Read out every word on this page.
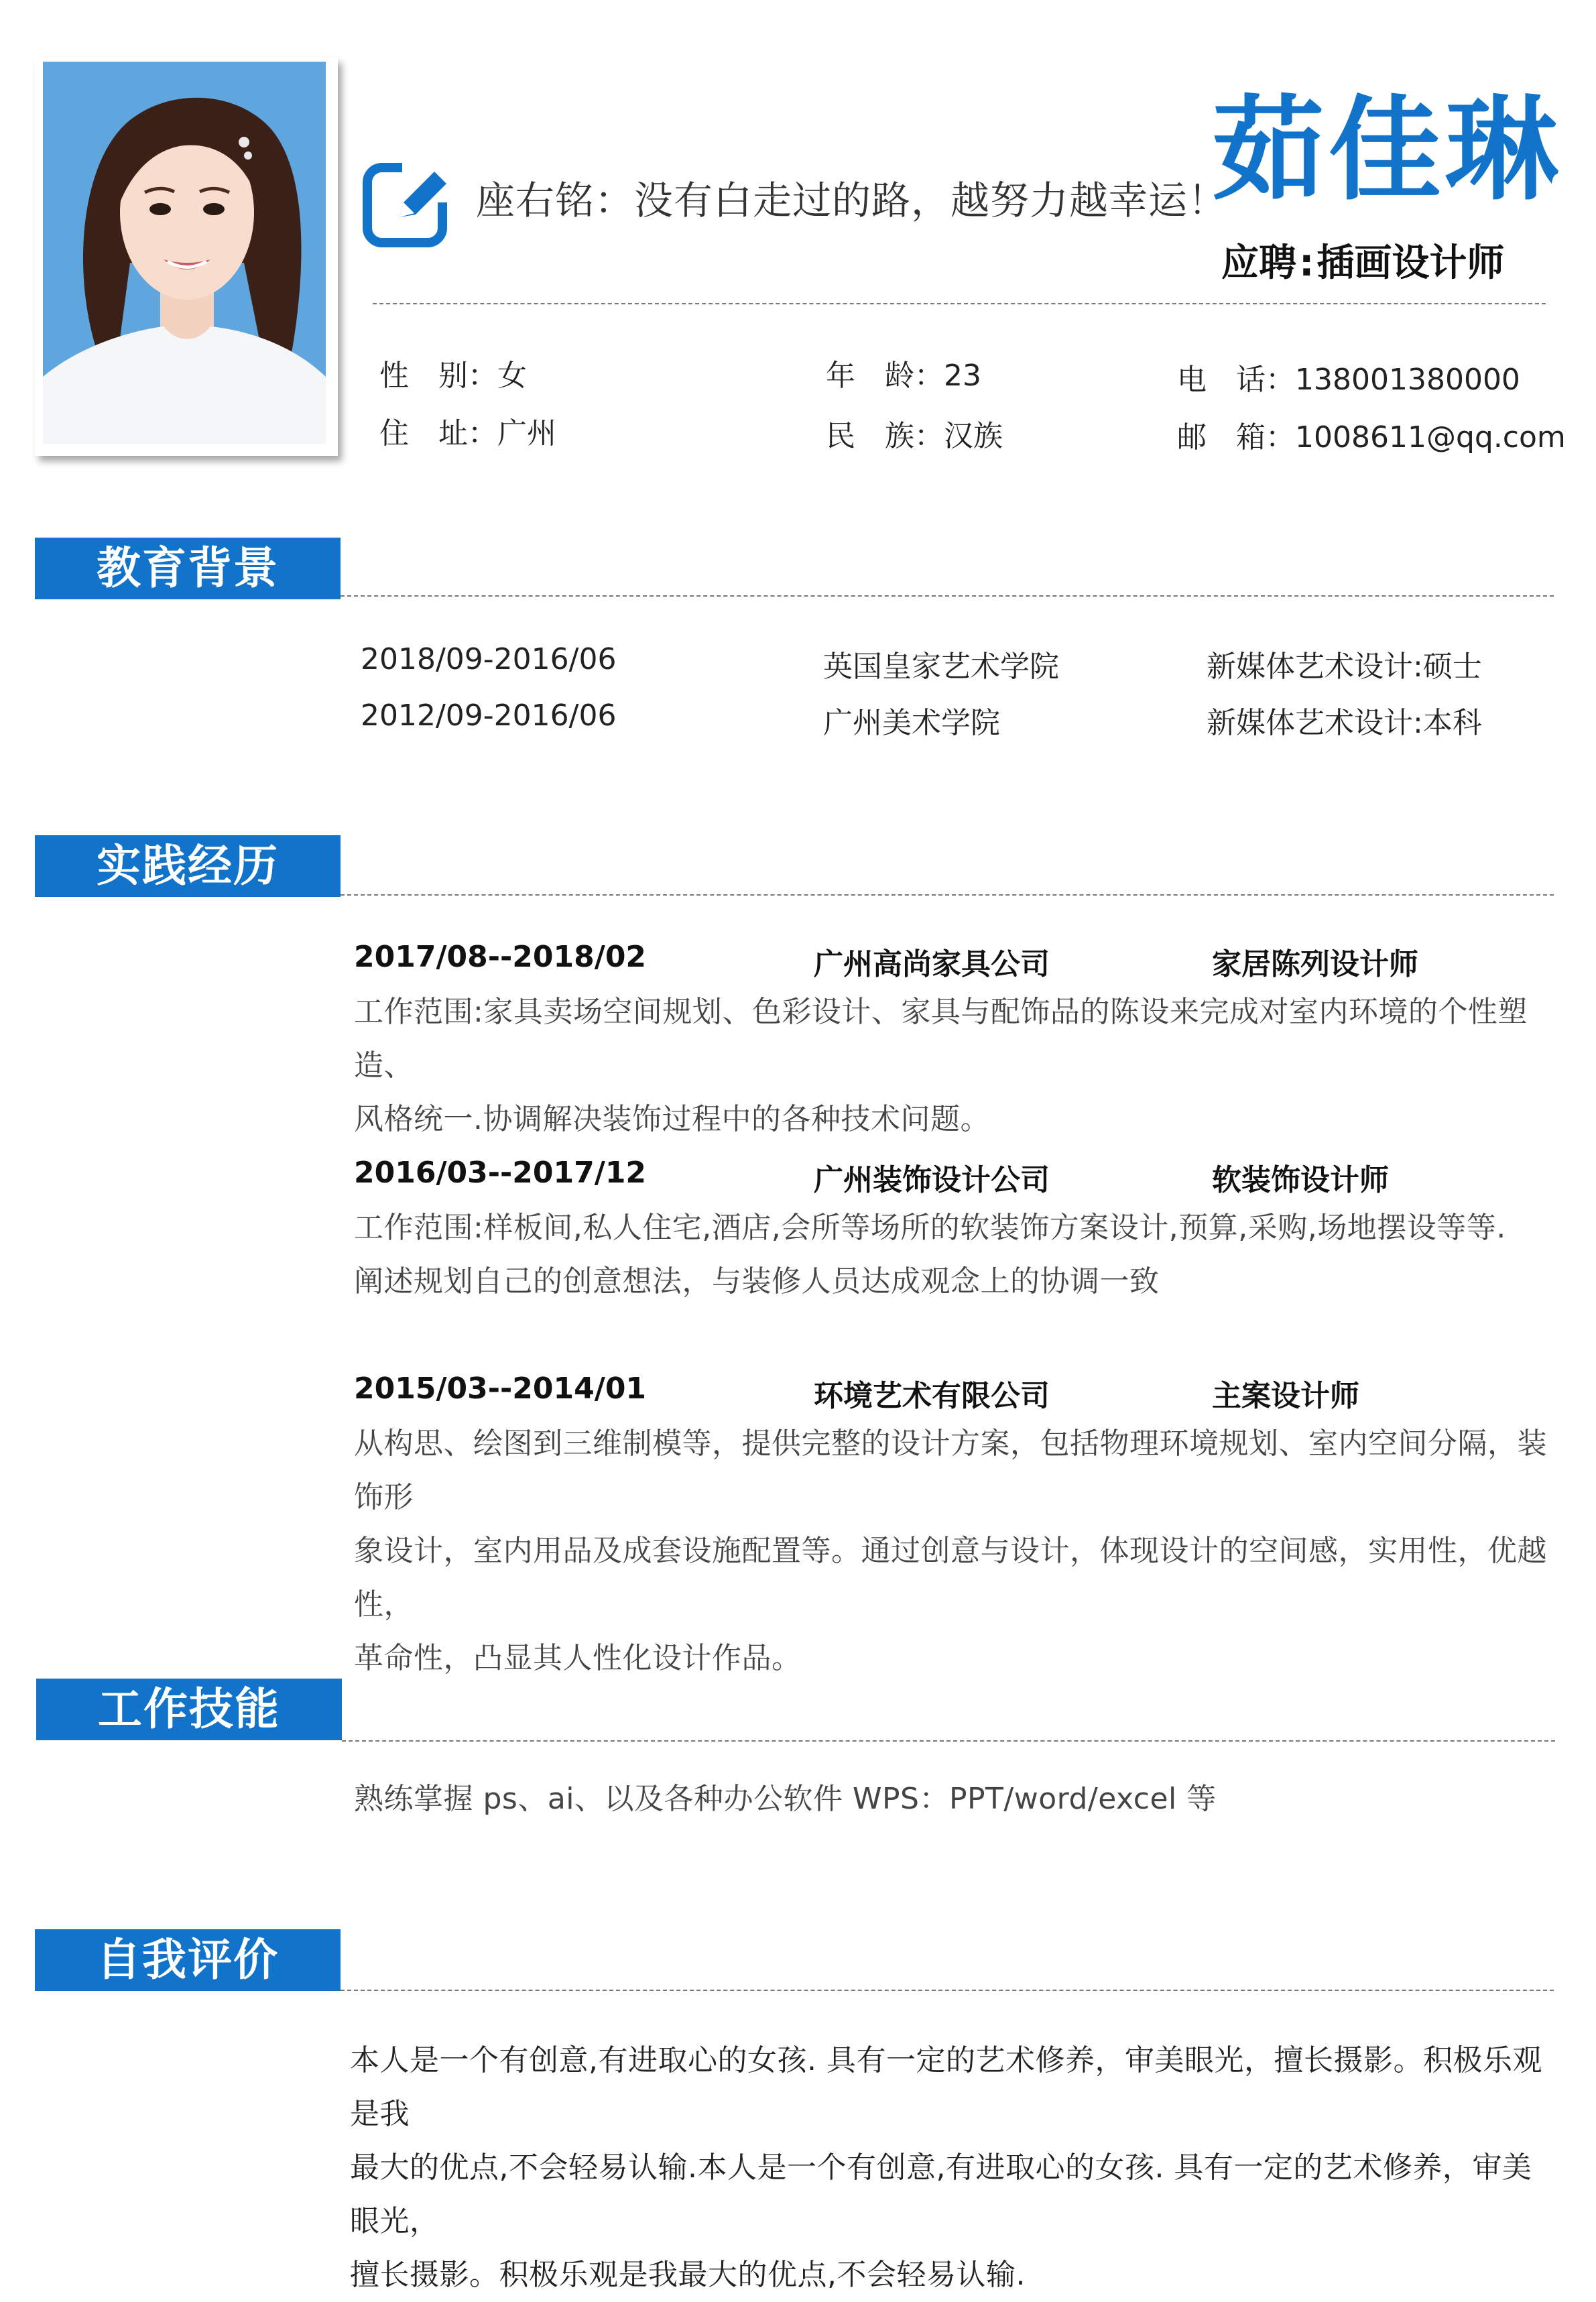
座右铭：没有白走过的路，越努力越幸运！
茹佳琳
应聘:插画设计师
性　别：女	年　龄：23	电　话：138001380000
住　址：广州	民　族：汉族	邮　箱：1008611@qq.com
教育背景
2018/09-2016/06	英国皇家艺术学院	新媒体艺术设计:硕士
2012/09-2016/06	广州美术学院	新媒体艺术设计:本科
实践经历
2017/08--2018/02	广州高尚家具公司	家居陈列设计师
工作范围:家具卖场空间规划、色彩设计、家具与配饰品的陈设来完成对室内环境的个性塑造、
风格统一.协调解决装饰过程中的各种技术问题。
2016/03--2017/12	广州装饰设计公司	软装饰设计师
工作范围:样板间,私人住宅,酒店,会所等场所的软装饰方案设计,预算,采购,场地摆设等等.
阐述规划自己的创意想法，与装修人员达成观念上的协调一致
2015/03--2014/01	环境艺术有限公司	主案设计师
从构思、绘图到三维制模等，提供完整的设计方案，包括物理环境规划、室内空间分隔，装饰形
象设计，室内用品及成套设施配置等。通过创意与设计，体现设计的空间感，实用性，优越性，
革命性，凸显其人性化设计作品。
工作技能
熟练掌握 ps、ai、以及各种办公软件 WPS：PPT/word/excel 等
自我评价
本人是一个有创意,有进取心的女孩. 具有一定的艺术修养，审美眼光，擅长摄影。积极乐观是我
最大的优点,不会轻易认输.本人是一个有创意,有进取心的女孩. 具有一定的艺术修养，审美眼光，
擅长摄影。积极乐观是我最大的优点,不会轻易认输.
